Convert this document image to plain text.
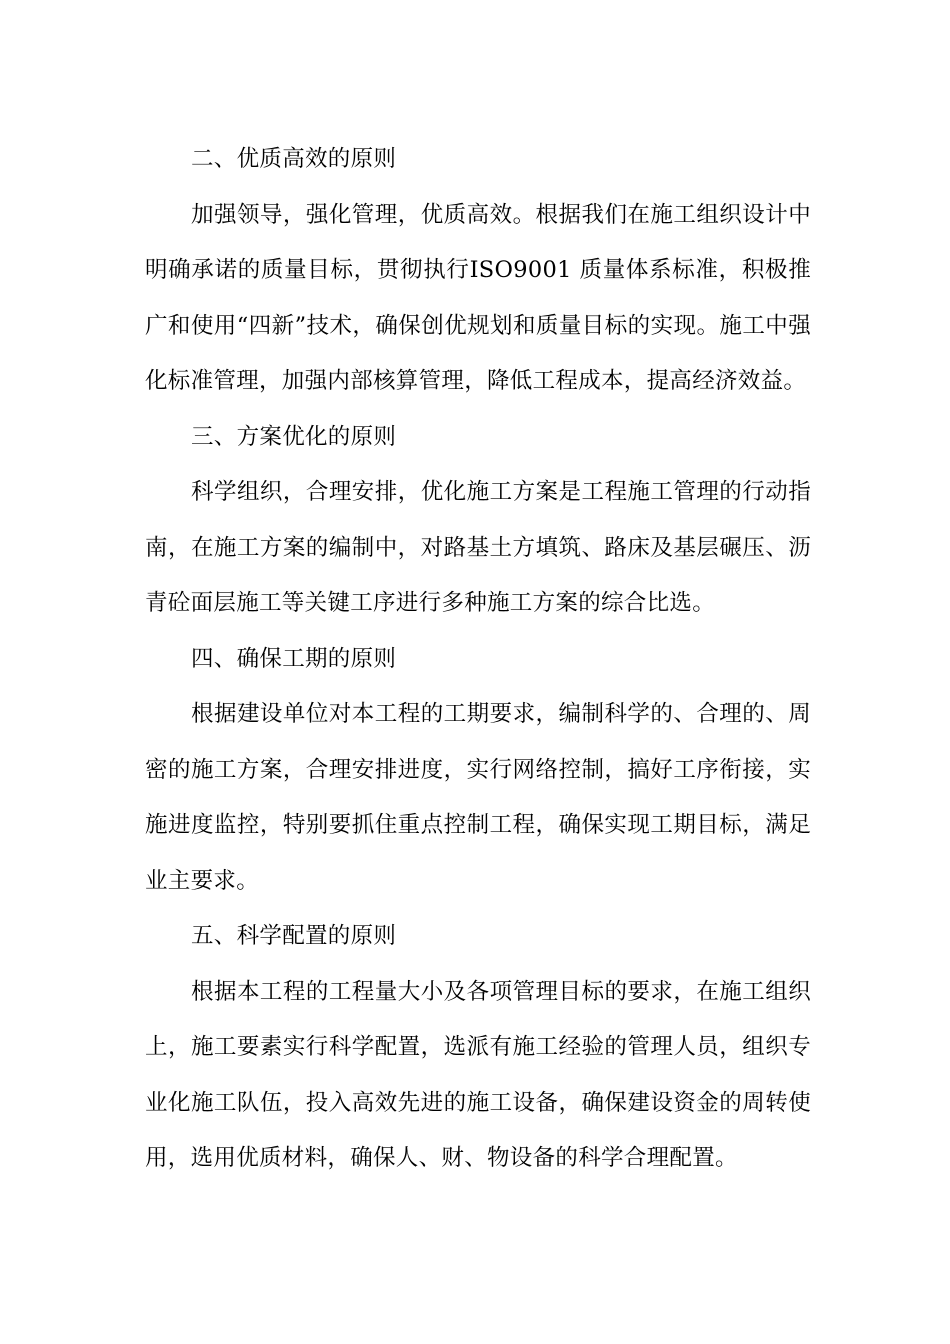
二、优质高效的原则
加强领导，强化管理，优质高效。根据我们在施工组织设计中明确承诺的质量目标，贯彻执行ISO9001 质量体系标准，积极推广和使用“四新”技术，确保创优规划和质量目标的实现。施工中强化标准管理，加强内部核算管理，降低工程成本，提高经济效益。
三、方案优化的原则
科学组织，合理安排，优化施工方案是工程施工管理的行动指南，在施工方案的编制中，对路基土方填筑、路床及基层碾压、沥青砼面层施工等关键工序进行多种施工方案的综合比选。
四、确保工期的原则
根据建设单位对本工程的工期要求，编制科学的、合理的、周密的施工方案，合理安排进度，实行网络控制，搞好工序衔接，实施进度监控，特别要抓住重点控制工程，确保实现工期目标，满足业主要求。
五、科学配置的原则
根据本工程的工程量大小及各项管理目标的要求，在施工组织上，施工要素实行科学配置，选派有施工经验的管理人员，组织专业化施工队伍，投入高效先进的施工设备，确保建设资金的周转使用，选用优质材料，确保人、财、物设备的科学合理配置。
